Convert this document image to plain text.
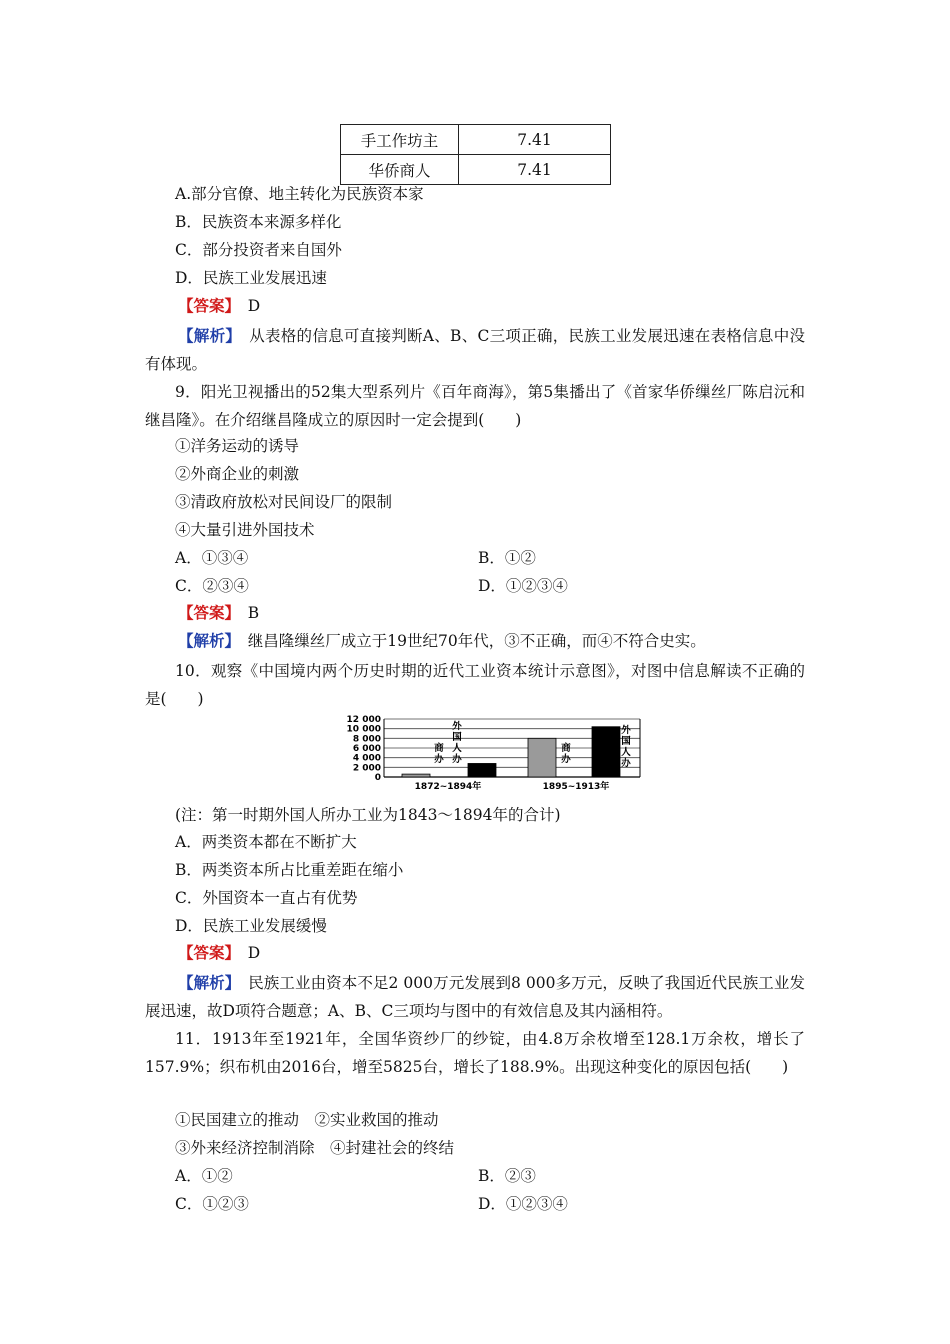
手工作坊主	7.41
华侨商人	7.41
A.部分官僚、地主转化为民族资本家
B．民族资本来源多样化
C．部分投资者来自国外
D．民族工业发展迅速
【答案】　 D
【解析】　 从表格的信息可直接判断A、B、C三项正确，民族工业发展迅速在表格信息中没有体现。
9．阳光卫视播出的52集大型系列片《百年商海》，第5集播出了《首家华侨缫丝厂陈启沅和继昌隆》。在介绍继昌隆成立的原因时一定会提到(　　)
①洋务运动的诱导
②外商企业的刺激
③清政府放松对民间设厂的限制
④大量引进外国技术
A．①③④	B．①②
C．②③④	D．①②③④
【答案】　 B
【解析】　 继昌隆缫丝厂成立于19世纪70年代，③不正确，而④不符合史实。
10．观察《中国境内两个历史时期的近代工业资本统计示意图》，对图中信息解读不正确的是(　　)
12 000
10 000
8 000
6 000
4 000
2 000
0
商
办
外
国
人
办
1872~1894年
商
办
外
国
人
办
1895~1913年
(注：第一时期外国人所办工业为1843～1894年的合计)
A．两类资本都在不断扩大
B．两类资本所占比重差距在缩小
C．外国资本一直占有优势
D．民族工业发展缓慢
【答案】　 D
【解析】　 民族工业由资本不足2 000万元发展到8 000多万元，反映了我国近代民族工业发展迅速，故D项符合题意；A、B、C三项均与图中的有效信息及其内涵相符。
11．1913年至1921年，全国华资纱厂的纱锭，由4.8万余枚增至128.1万余枚，增长了157.9%；织布机由2016台，增至5825台，增长了188.9%。出现这种变化的原因包括(　　)
①民国建立的推动　②实业救国的推动
③外来经济控制消除　④封建社会的终结
A．①②	B．②③
C．①②③	D．①②③④
